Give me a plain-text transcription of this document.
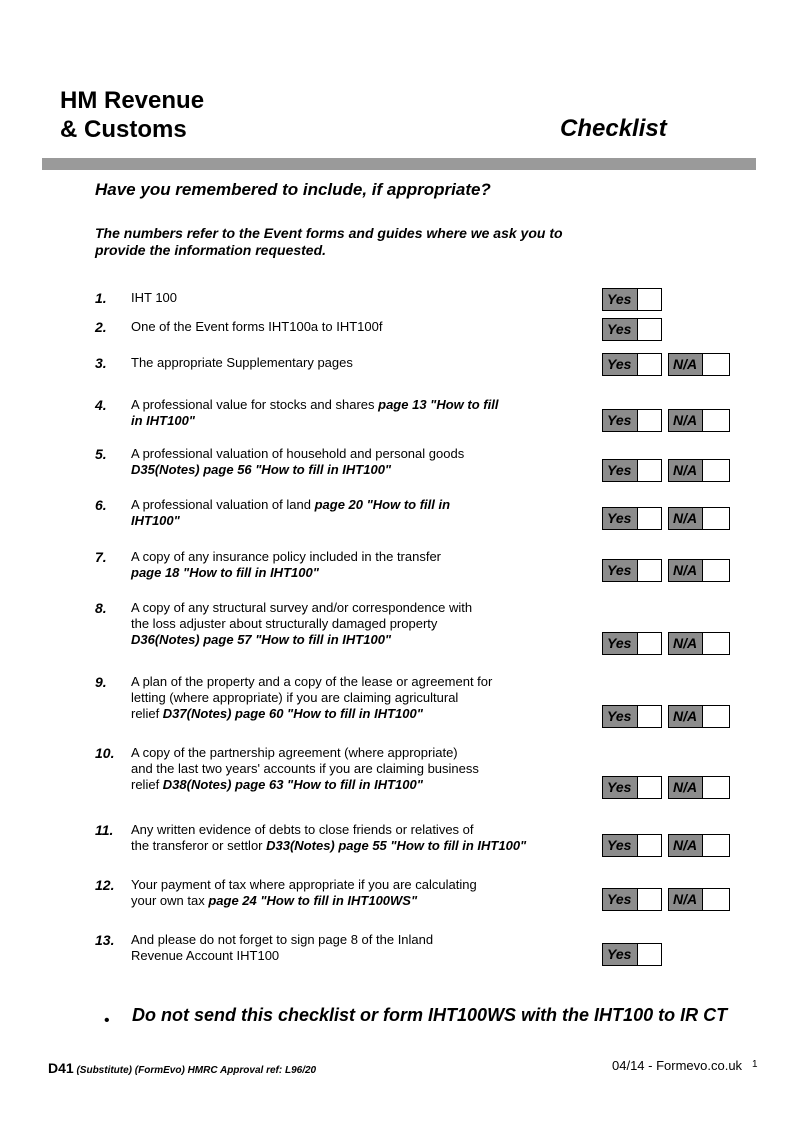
HM Revenue
& Customs	Checklist
Have you remembered to include, if appropriate?
The numbers refer to the Event forms and guides where we ask you to
provide the information requested.
1.	IHT 100	Yes
2.	One of the Event forms IHT100a to IHT100f	Yes
3.	The appropriate Supplementary pages	Yes	N/A
4.	A professional value for stocks and shares page 13 "How to fill
in IHT100"	Yes	N/A
5.	A professional valuation of household and personal goods
D35(Notes) page 56 "How to fill in IHT100"	Yes	N/A
6.	A professional valuation of land page 20 "How to fill in
IHT100"	Yes	N/A
7.	A copy of any insurance policy included in the transfer
page 18 "How to fill in IHT100"	Yes	N/A
8.	A copy of any structural survey and/or correspondence with
the loss adjuster about structurally damaged property
D36(Notes) page 57 "How to fill in IHT100"	Yes	N/A
9.	A plan of the property and a copy of the lease or agreement for
letting (where appropriate) if you are claiming agricultural
relief D37(Notes) page 60 "How to fill in IHT100"	Yes	N/A
10.	A copy of the partnership agreement (where appropriate)
and the last two years' accounts if you are claiming business
relief D38(Notes) page 63 "How to fill in IHT100"	Yes	N/A
11.	Any written evidence of debts to close friends or relatives of
the transferor or settlor D33(Notes) page 55 "How to fill in IHT100"	Yes	N/A
12.	Your payment of tax where appropriate if you are calculating
your own tax page 24 "How to fill in IHT100WS"	Yes	N/A
13.	And please do not forget to sign page 8 of the Inland
Revenue Account IHT100	Yes
• Do not send this checklist or form IHT100WS with the IHT100 to IR CT
D41 (Substitute) (FormEvo) HMRC Approval ref: L96/20	04/14 - Formevo.co.uk 1
